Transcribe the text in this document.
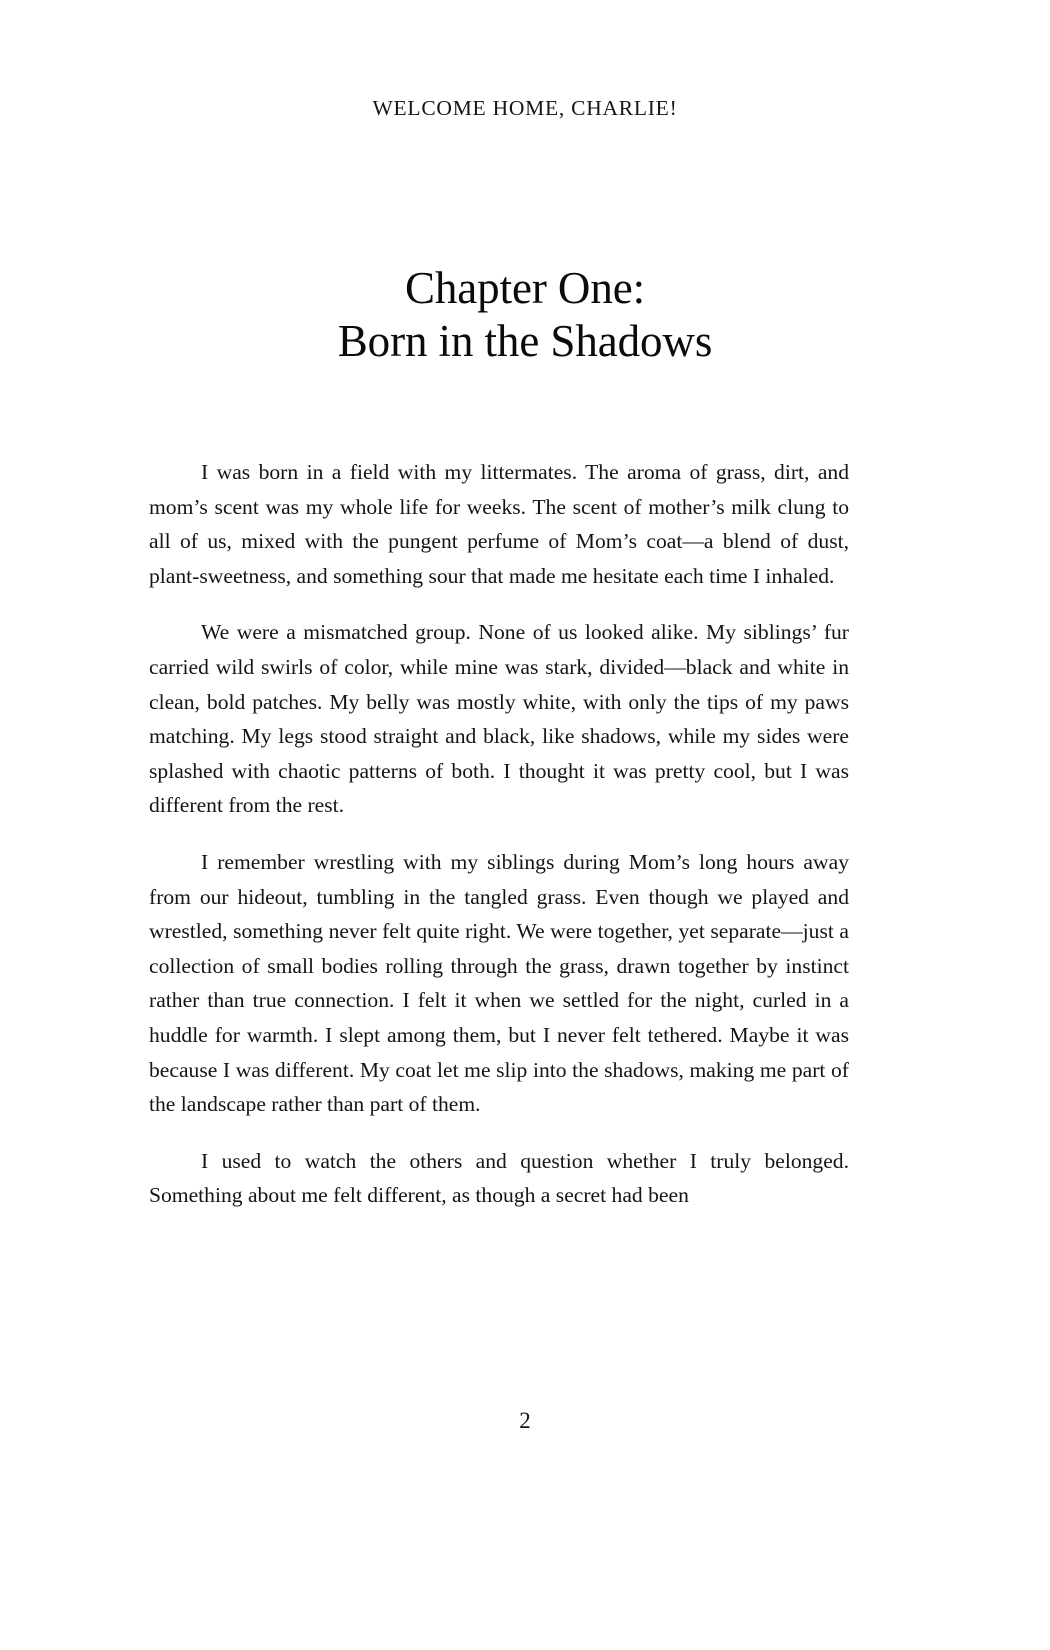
WELCOME HOME, CHARLIE!
Chapter One:
Born in the Shadows

I was born in a field with my littermates. The aroma of grass, dirt, and mom’s scent was my whole life for weeks. The scent of mother’s milk clung to all of us, mixed with the pungent perfume of Mom’s coat—a blend of dust, plant-sweetness, and something sour that made me hesitate each time I inhaled.

We were a mismatched group. None of us looked alike. My siblings’ fur carried wild swirls of color, while mine was stark, divided—black and white in clean, bold patches. My belly was mostly white, with only the tips of my paws matching. My legs stood straight and black, like shadows, while my sides were splashed with chaotic patterns of both. I thought it was pretty cool, but I was different from the rest.

I remember wrestling with my siblings during Mom’s long hours away from our hideout, tumbling in the tangled grass. Even though we played and wrestled, something never felt quite right. We were together, yet separate—just a collection of small bodies rolling through the grass, drawn together by instinct rather than true connection. I felt it when we settled for the night, curled in a huddle for warmth. I slept among them, but I never felt tethered. Maybe it was because I was different. My coat let me slip into the shadows, making me part of the landscape rather than part of them.

I used to watch the others and question whether I truly belonged. Something about me felt different, as though a secret had been

2
